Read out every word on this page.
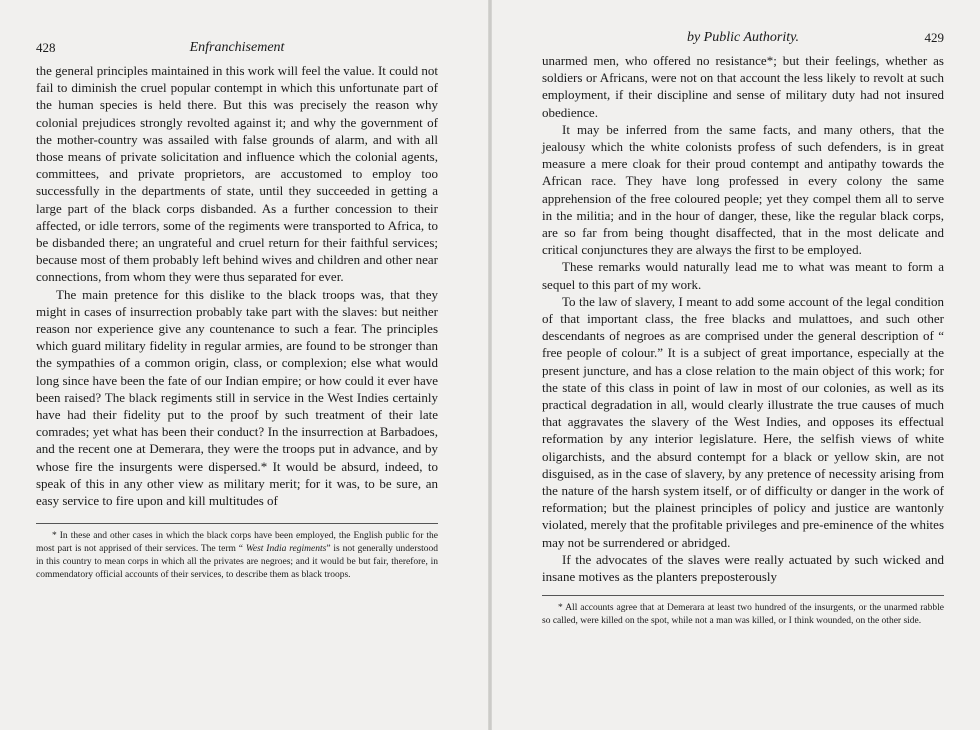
Enfranchisement
428

the general principles maintained in this work will feel the value. It could not fail to diminish the cruel popular contempt in which this unfortunate part of the human species is held there. But this was precisely the reason why colonial prejudices strongly revolted against it; and why the government of the mother-country was assailed with false grounds of alarm, and with all those means of private solicitation and influence which the colonial agents, committees, and private proprietors, are accustomed to employ too successfully in the departments of state, until they succeeded in getting a large part of the black corps disbanded. As a further concession to their affected, or idle terrors, some of the regiments were transported to Africa, to be disbanded there; an ungrateful and cruel return for their faithful services; because most of them probably left behind wives and children and other near connections, from whom they were thus separated for ever.

The main pretence for this dislike to the black troops was, that they might in cases of insurrection probably take part with the slaves: but neither reason nor experience give any countenance to such a fear. The principles which guard military fidelity in regular armies, are found to be stronger than the sympathies of a common origin, class, or complexion; else what would long since have been the fate of our Indian empire; or how could it ever have been raised? The black regiments still in service in the West Indies certainly have had their fidelity put to the proof by such treatment of their late comrades; yet what has been their conduct? In the insurrection at Barbadoes, and the recent one at Demerara, they were the troops put in advance, and by whose fire the insurgents were dispersed.* It would be absurd, indeed, to speak of this in any other view as military merit; for it was, to be sure, an easy service to fire upon and kill multitudes of

* In these and other cases in which the black corps have been employed, the English public for the most part is not apprised of their services. The term “ West India regiments” is not generally understood in this country to mean corps in which all the privates are negroes; and it would be but fair, therefore, in commendatory official accounts of their services, to describe them as black troops.

by Public Authority.	429

unarmed men, who offered no resistance*; but their feelings, whether as soldiers or Africans, were not on that account the less likely to revolt at such employment, if their discipline and sense of military duty had not insured obedience.

It may be inferred from the same facts, and many others, that the jealousy which the white colonists profess of such defenders, is in great measure a mere cloak for their proud contempt and antipathy towards the African race. They have long professed in every colony the same apprehension of the free coloured people; yet they compel them all to serve in the militia; and in the hour of danger, these, like the regular black corps, are so far from being thought disaffected, that in the most delicate and critical conjunctures they are always the first to be employed.

These remarks would naturally lead me to what was meant to form a sequel to this part of my work.

To the law of slavery, I meant to add some account of the legal condition of that important class, the free blacks and mulattoes, and such other descendants of negroes as are comprised under the general description of “ free people of colour.” It is a subject of great importance, especially at the present juncture, and has a close relation to the main object of this work; for the state of this class in point of law in most of our colonies, as well as its practical degradation in all, would clearly illustrate the true causes of much that aggravates the slavery of the West Indies, and opposes its effectual reformation by any interior legislature. Here, the selfish views of white oligarchists, and the absurd contempt for a black or yellow skin, are not disguised, as in the case of slavery, by any pretence of necessity arising from the nature of the harsh system itself, or of difficulty or danger in the work of reformation; but the plainest principles of policy and justice are wantonly violated, merely that the profitable privileges and pre-eminence of the whites may not be surrendered or abridged.

If the advocates of the slaves were really actuated by such wicked and insane motives as the planters preposterously

* All accounts agree that at Demerara at least two hundred of the insurgents, or the unarmed rabble so called, were killed on the spot, while not a man was killed, or I think wounded, on the other side.
